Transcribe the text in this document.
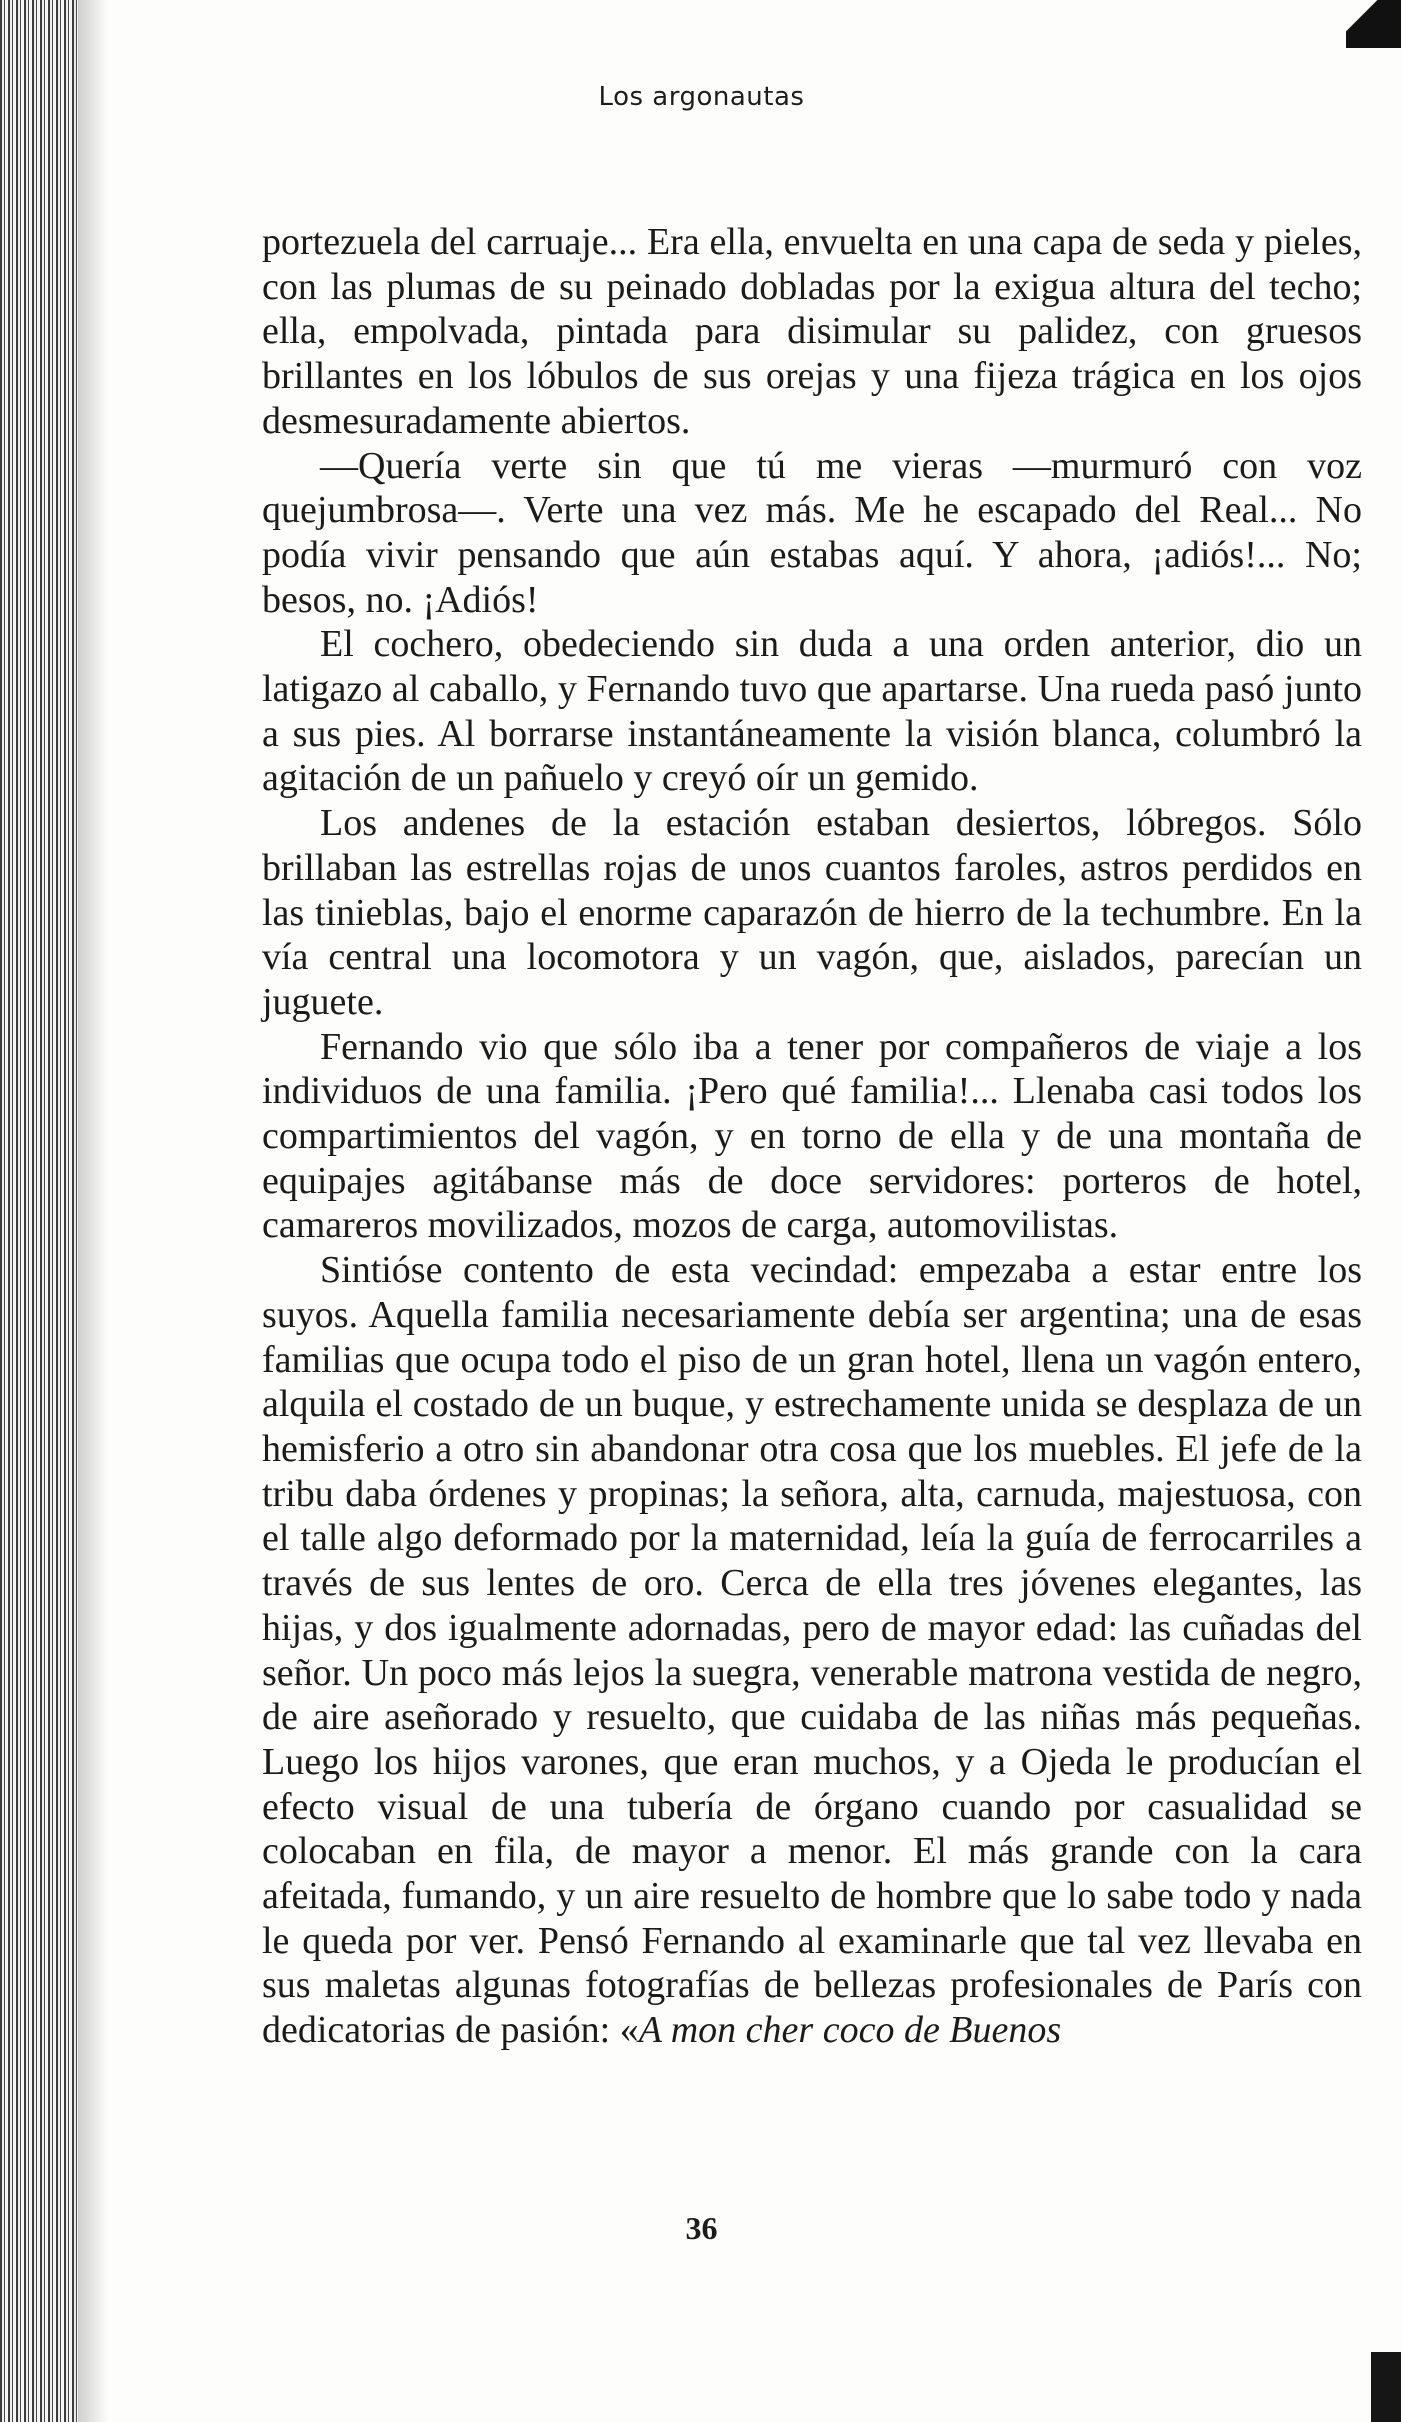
Los argonautas

portezuela del carruaje... Era ella, envuelta en una capa de seda y pieles, con las plumas de su peinado dobladas por la exigua altura del techo; ella, empolvada, pintada para disimular su palidez, con gruesos brillantes en los lóbulos de sus orejas y una fijeza trágica en los ojos desmesuradamente abiertos.

—Quería verte sin que tú me vieras —murmuró con voz quejumbrosa—. Verte una vez más. Me he escapado del Real... No podía vivir pensando que aún estabas aquí. Y ahora, ¡adiós!... No; besos, no. ¡Adiós!

El cochero, obedeciendo sin duda a una orden anterior, dio un latigazo al caballo, y Fernando tuvo que apartarse. Una rueda pasó junto a sus pies. Al borrarse instantáneamente la visión blanca, columbró la agitación de un pañuelo y creyó oír un gemido.

Los andenes de la estación estaban desiertos, lóbregos. Sólo brillaban las estrellas rojas de unos cuantos faroles, astros perdidos en las tinieblas, bajo el enorme caparazón de hierro de la techumbre. En la vía central una locomotora y un vagón, que, aislados, parecían un juguete.

Fernando vio que sólo iba a tener por compañeros de viaje a los individuos de una familia. ¡Pero qué familia!... Llenaba casi todos los compartimientos del vagón, y en torno de ella y de una montaña de equipajes agitábanse más de doce servidores: porteros de hotel, camareros movilizados, mozos de carga, automovilistas.

Sintióse contento de esta vecindad: empezaba a estar entre los suyos. Aquella familia necesariamente debía ser argentina; una de esas familias que ocupa todo el piso de un gran hotel, llena un vagón entero, alquila el costado de un buque, y estrechamente unida se desplaza de un hemisferio a otro sin abandonar otra cosa que los muebles. El jefe de la tribu daba órdenes y propinas; la señora, alta, carnuda, majestuosa, con el talle algo deformado por la maternidad, leía la guía de ferrocarriles a través de sus lentes de oro. Cerca de ella tres jóvenes elegantes, las hijas, y dos igualmente adornadas, pero de mayor edad: las cuñadas del señor. Un poco más lejos la suegra, venerable matrona vestida de negro, de aire aseñorado y resuelto, que cuidaba de las niñas más pequeñas. Luego los hijos varones, que eran muchos, y a Ojeda le producían el efecto visual de una tubería de órgano cuando por casualidad se colocaban en fila, de mayor a menor. El más grande con la cara afeitada, fumando, y un aire resuelto de hombre que lo sabe todo y nada le queda por ver. Pensó Fernando al examinarle que tal vez llevaba en sus maletas algunas fotografías de bellezas profesionales de París con dedicatorias de pasión: «A mon cher coco de Buenos

36
